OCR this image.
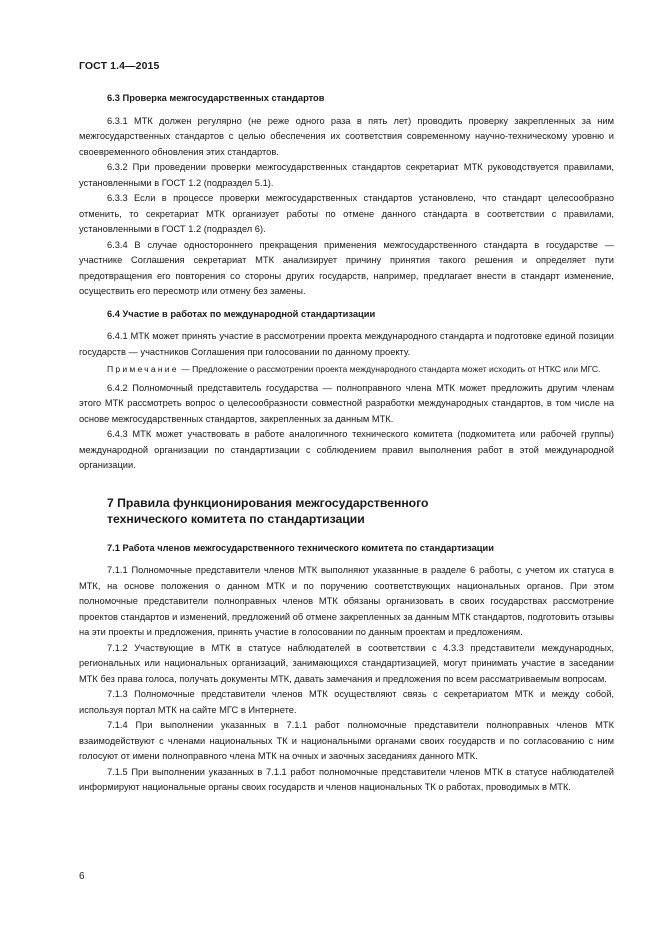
ГОСТ 1.4—2015
6.3 Проверка межгосударственных стандартов

6.3.1 МТК должен регулярно (не реже одного раза в пять лет) проводить проверку закрепленных за ним межгосударственных стандартов с целью обеспечения их соответствия современному научно-техническому уровню и своевременного обновления этих стандартов.

6.3.2 При проведении проверки межгосударственных стандартов секретариат МТК руководствуется правилами, установленными в ГОСТ 1.2 (подраздел 5.1).

6.3.3 Если в процессе проверки межгосударственных стандартов установлено, что стандарт целесообразно отменить, то секретариат МТК организует работы по отмене данного стандарта в соответствии с правилами, установленными в ГОСТ 1.2 (подраздел 6).

6.3.4 В случае одностороннего прекращения применения межгосударственного стандарта в государстве — участнике Соглашения секретариат МТК анализирует причину принятия такого решения и определяет пути предотвращения его повторения со стороны других государств, например, предлагает внести в стандарт изменение, осуществить его пересмотр или отмену без замены.

6.4 Участие в работах по международной стандартизации

6.4.1 МТК может принять участие в рассмотрении проекта международного стандарта и подготовке единой позиции государств — участников Соглашения при голосовании по данному проекту.

Примечание — Предложение о рассмотрении проекта международного стандарта может исходить от НТКС или МГС.

6.4.2 Полномочный представитель государства — полноправного члена МТК может предложить другим членам этого МТК рассмотреть вопрос о целесообразности совместной разработки международных стандартов, в том числе на основе межгосударственных стандартов, закрепленных за данным МТК.

6.4.3 МТК может участвовать в работе аналогичного технического комитета (подкомитета или рабочей группы) международной организации по стандартизации с соблюдением правил выполнения работ в этой международной организации.

7 Правила функционирования межгосударственного
технического комитета по стандартизации
7.1 Работа членов межгосударственного технического комитета по стандартизации

7.1.1 Полномочные представители членов МТК выполняют указанные в разделе 6 работы, с учетом их статуса в МТК, на основе положения о данном МТК и по поручению соответствующих национальных органов. При этом полномочные представители полноправных членов МТК обязаны организовать в своих государствах рассмотрение проектов стандартов и изменений, предложений об отмене закрепленных за данным МТК стандартов, подготовить отзывы на эти проекты и предложения, принять участие в голосовании по данным проектам и предложениям.

7.1.2 Участвующие в МТК в статусе наблюдателей в соответствии с 4.3.3 представители международных, региональных или национальных организаций, занимающихся стандартизацией, могут принимать участие в заседании МТК без права голоса, получать документы МТК, давать замечания и предложения по всем рассматриваемым вопросам.

7.1.3 Полномочные представители членов МТК осуществляют связь с секретариатом МТК и между собой, используя портал МТК на сайте МГС в Интернете.

7.1.4 При выполнении указанных в 7.1.1 работ полномочные представители полноправных членов МТК взаимодействуют с членами национальных ТК и национальными органами своих государств и по согласованию с ним голосуют от имени полноправного члена МТК на очных и заочных заседаниях данного МТК.

7.1.5 При выполнении указанных в 7.1.1 работ полномочные представители членов МТК в статусе наблюдателей информируют национальные органы своих государств и членов национальных ТК о работах, проводимых в МТК.

6
